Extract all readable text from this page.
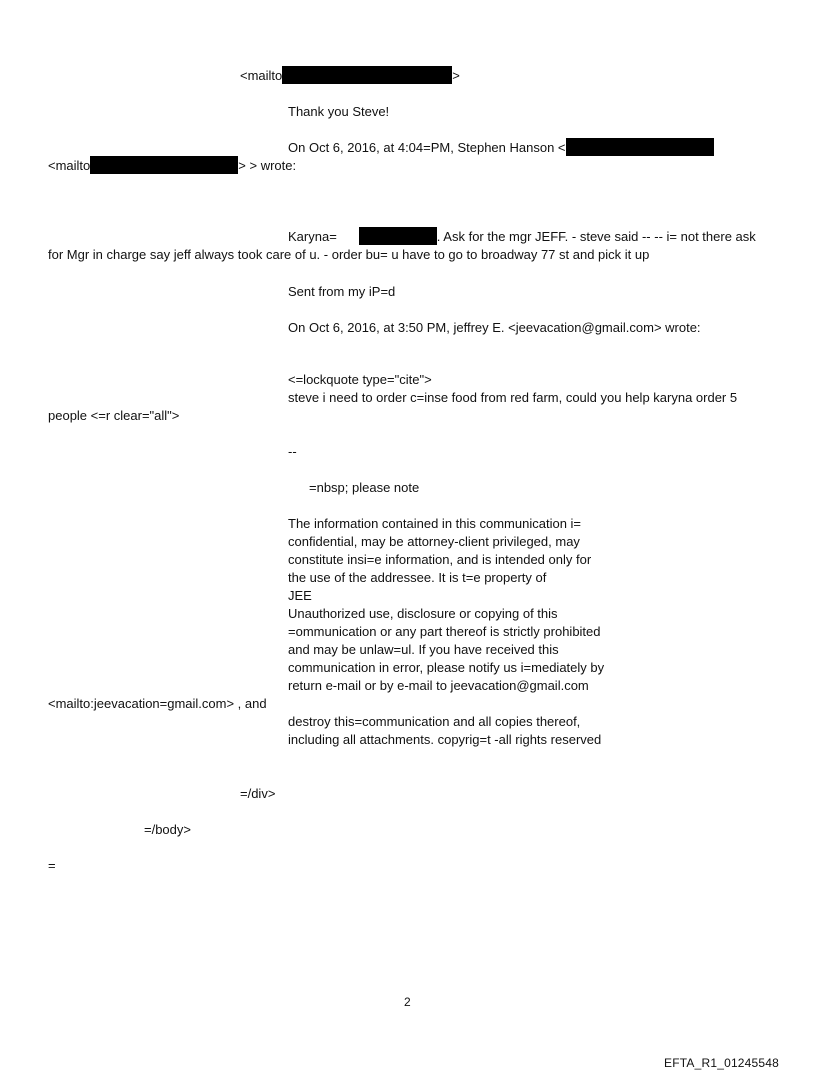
<mailto	>
Thank you Steve!
On Oct 6, 2016, at 4:04=PM, Stephen Hanson <
<mailto	> > wrote:
Karyna=	. Ask for the mgr JEFF. - steve said -- -- i= not there ask
for Mgr in charge say jeff always took care of u. - order bu= u have to go to broadway 77 st and pick it up
Sent from my iP=d
On Oct 6, 2016, at 3:50 PM, jeffrey E. <jeevacation@gmail.com> wrote:
<=lockquote type="cite">
steve i need to order c=inse food from red farm, could you help karyna order 5
people <=r clear="all">
--
=nbsp; please note
The information contained in this communication i=
confidential, may be attorney-client privileged, may
constitute insi=e information, and is intended only for
the use of the addressee. It is t=e property of
JEE
Unauthorized use, disclosure or copying of this
=ommunication or any part thereof is strictly prohibited
and may be unlaw=ul. If you have received this
communication in error, please notify us i=mediately by
return e-mail or by e-mail to jeevacation@gmail.com
<mailto:jeevacation=gmail.com> , and
destroy this=communication and all copies thereof,
including all attachments. copyrig=t -all rights reserved
=/div>
=/body>
=
2
EFTA_R1_01245548
